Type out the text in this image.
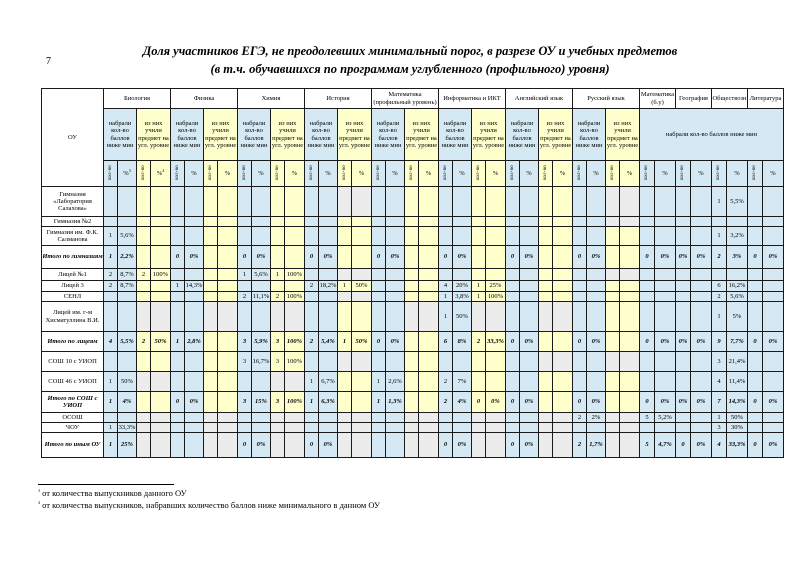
7
Доля участников ЕГЭ, не преодолевших минимальный порог, в разрезе ОУ и учебных предметов
(в т.ч. обучавшихся по программам углубленного (профильного) уровня)
ОУ	Биология				Физика				Химия				История				Математика (профильный уровень)				Информатика и ИКТ				Английский язык				Русский язык				Математика (б.у)		География		Обществозн		Литература	
	набрали кол-во баллов ниже мин		из них учили предмет на угл. уровне		набрали кол-во баллов ниже мин		из них учили предмет на угл. уровне		набрали кол-во баллов ниже мин		из них учили предмет на угл. уровне		набрали кол-во баллов ниже мин		из них учили предмет на угл. уровне		набрали кол-во баллов ниже мин		из них учили предмет на угл. уровне		набрали кол-во баллов ниже мин		из них учили предмет на угл. уровне		набрали кол-во баллов ниже мин		из них учили предмет на угл. уровне		набрали кол-во баллов ниже мин		из них учили предмет на угл. уровне		набрали кол-во баллов ниже мин							
	кол-во	%$^3$	кол-во	%$^4$	кол-во	%	кол-во	%	кол-во	%	кол-во	%	кол-во	%	кол-во	%	кол-во	%	кол-во	%	кол-во	%	кол-во	%	кол-во	%	кол-во	%	кол-во	%	кол-во	%	кол-во	%	кол-во	%	кол-во	%	кол-во	%
Гимназия «Лаборатория Салахова»																																					1	5,5%		
Гимназия №2																																								
Гимназия им. Ф.К. Салманова	1	5,6%																																			1	3,2%		
Итого по гимназиям	1	2,2%			0	0%			0	0%			0	0%			0	0%			0	0%			0	0%			0	0%			0	0%	0%	0%	2	3%	0	0%
Лицей №1	2	8,7%	2	100%					1	5,6%	1	100%																												
Лицей 3	2	8,7%			1	14,3%							2	18,2%	1	50%					4	20%	1	25%													6	16,2%		
СЕНЛ									2	11,1%	2	100%									1	3,8%	1	100%													2	5,6%		
Лицей им. г-м Хисматуллина В.И.																					1	50%															1	5%		
Итого по лицеям	4	5,5%	2	50%	1	2,8%			3	5,9%	3	100%	2	5,4%	1	50%	0	0%			6	8%	2	33,3%	0	0%			0	0%			0	0%	0%	0%	9	7,7%	0	0%
СОШ 10 с УИОП									3	16,7%	3	100%																									3	21,4%		
СОШ 46 с УИОП	1	50%											1	6,7%			1	2,6%			2	7%															4	11,4%		
Итого по СОШ с УИОП	1	4%			0	0%			3	15%	3	100%	1	6,3%			1	1,3%			2	4%	0	0%	0	0%			0	0%			0	0%	0%	0%	7	14,3%	0	0%
ОСОШ																													2	2%			5	5,2%			1	50%		
ЧОУ	1	33,3%																																			3	30%		
Итого по иным ОУ	1	25%							0	0%			0	0%							0	0%			0	0%			2	1,7%			5	4,7%	0	0%	4	33,3%	0	0%
$^3$ от количества выпускников данного ОУ
$^4$ от количества выпускников, набравших количество баллов ниже минимального в данном ОУ
